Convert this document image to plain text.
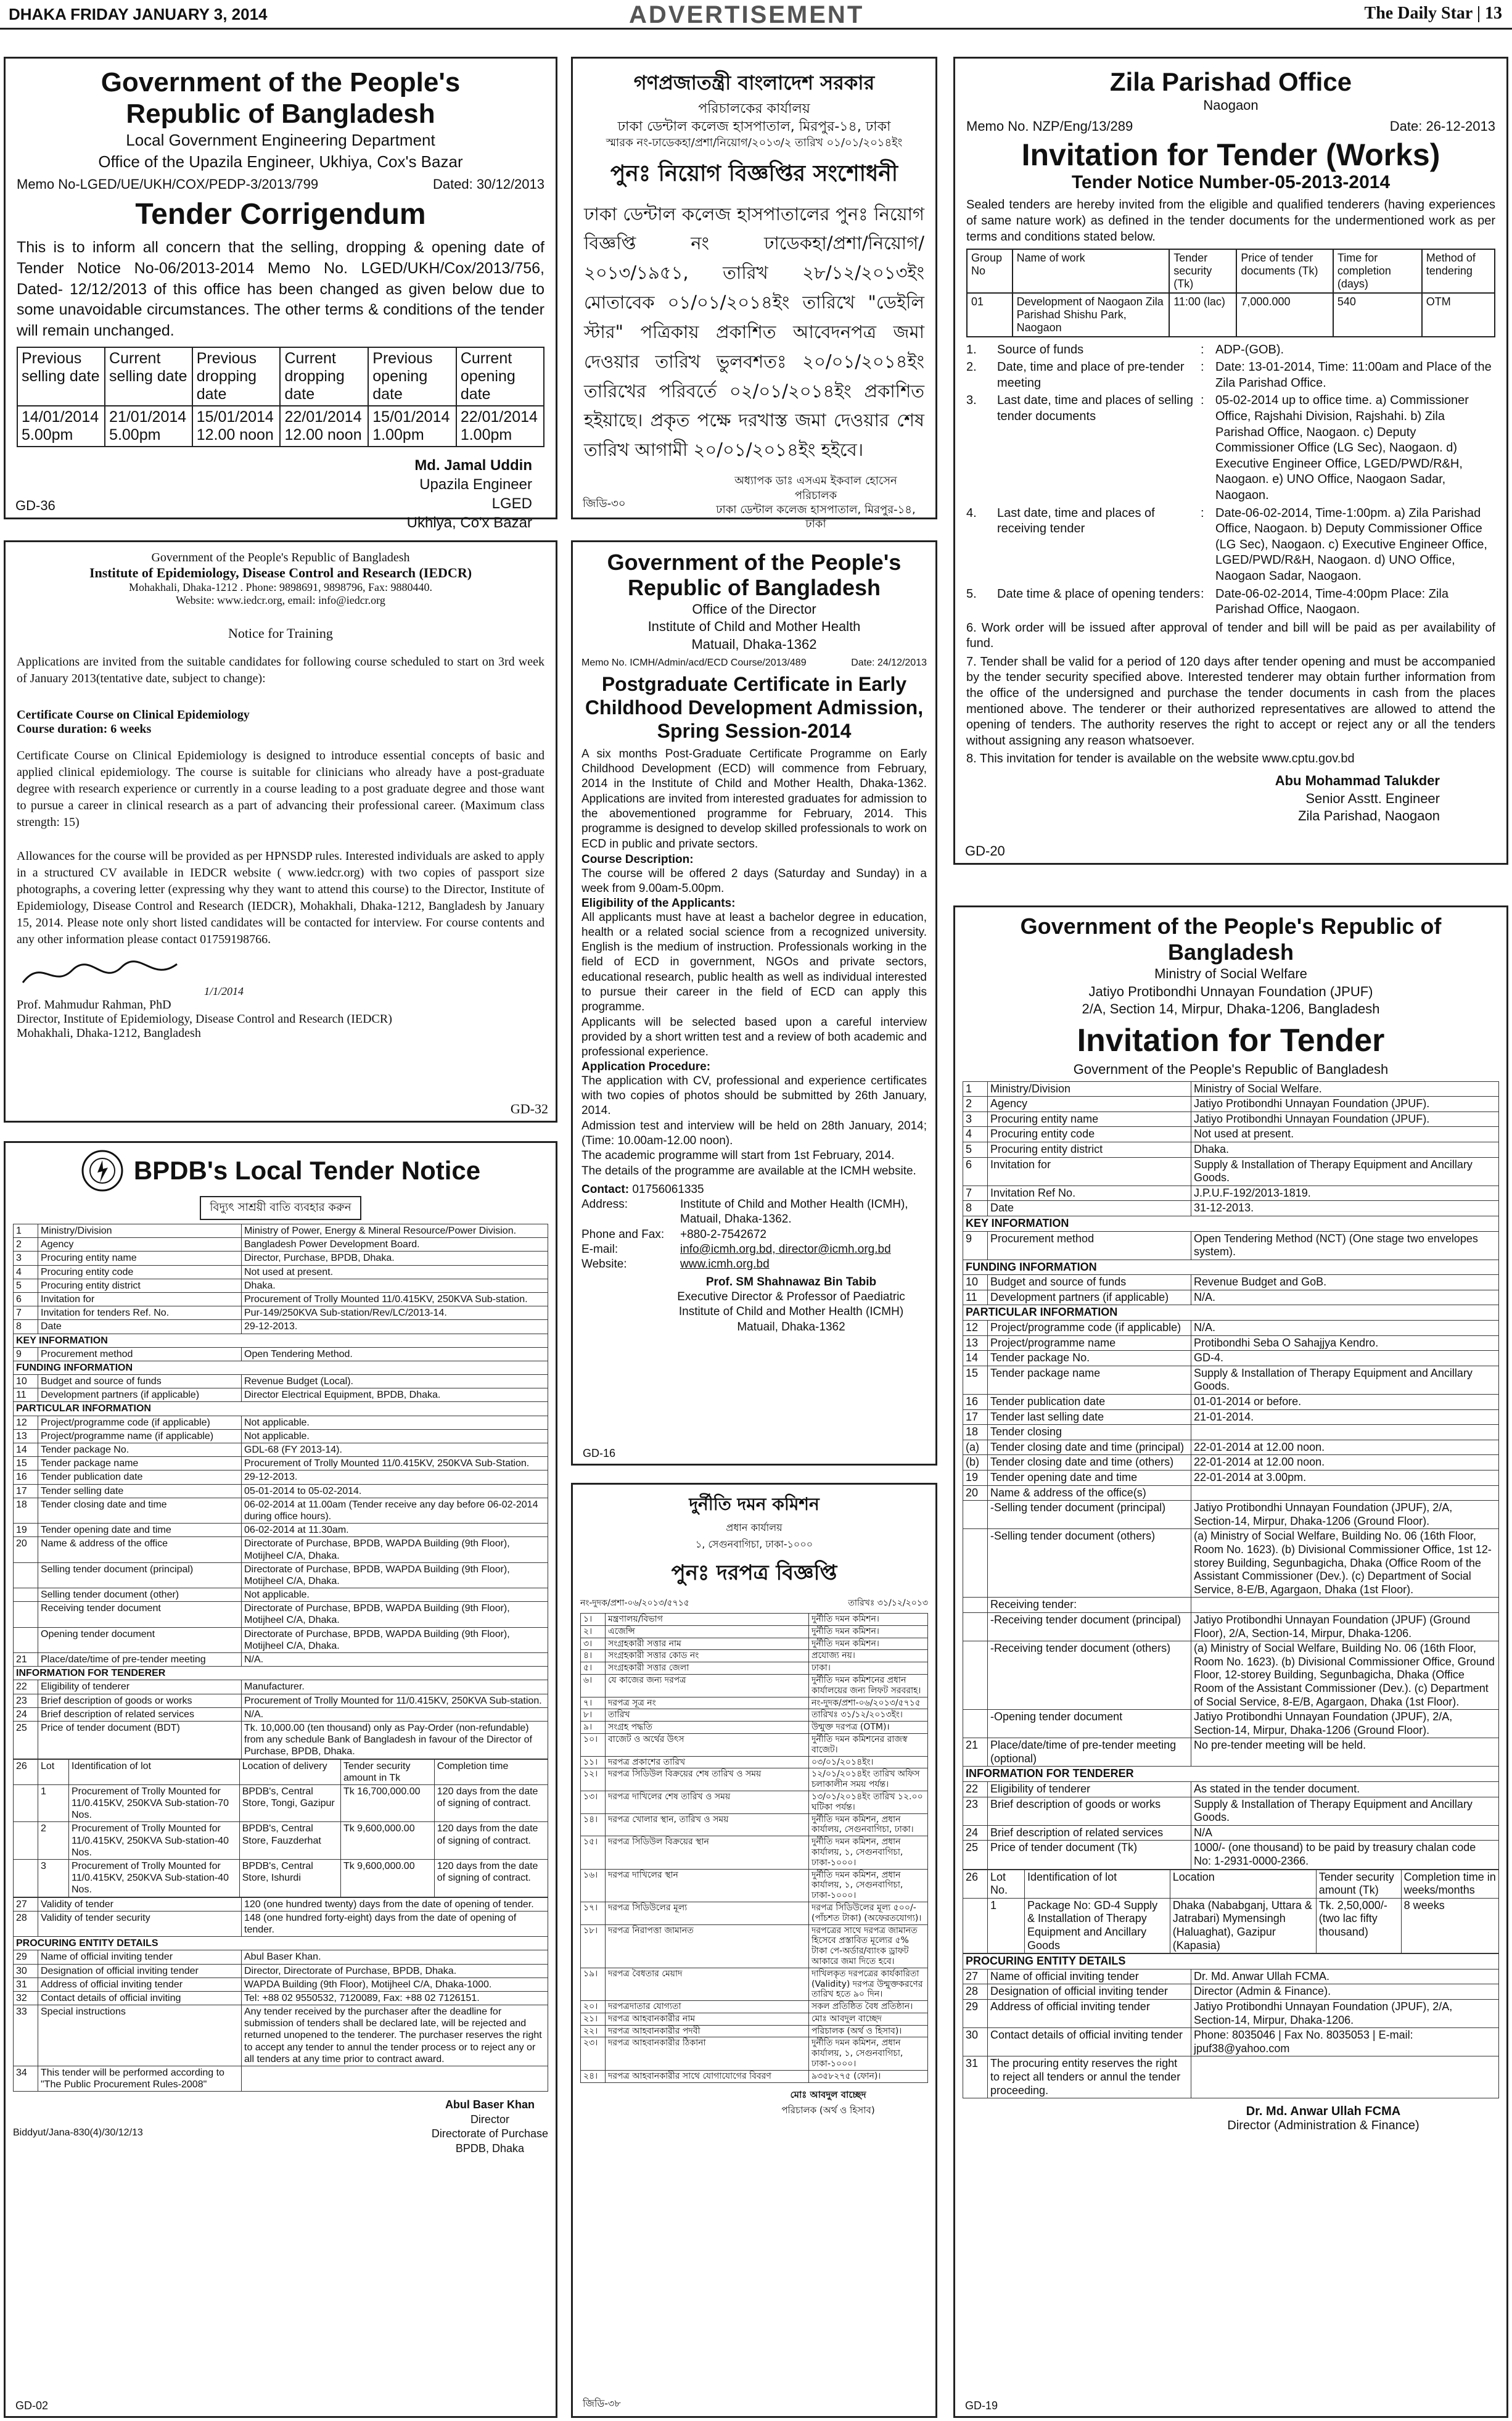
DHAKA FRIDAY JANUARY 3, 2014	ADVERTISEMENT	The Daily Star | 13
Government of the People's
Republic of Bangladesh
Local Government Engineering Department
Office of the Upazila Engineer, Ukhiya, Cox's Bazar
Memo No-LGED/UE/UKH/COX/PEDP-3/2013/799	Dated: 30/12/2013
Tender Corrigendum
This is to inform all concern that the selling, dropping & opening date of Tender Notice No-06/2013-2014 Memo No. LGED/UKH/Cox/2013/756, Dated- 12/12/2013 of this office has been changed as given below due to some unavoidable circumstances. The other terms & conditions of the tender will remain unchanged.
Previous selling date	Current selling date	Previous dropping date	Current dropping date	Previous opening date	Current opening date
14/01/2014 5.00pm	21/01/2014 5.00pm	15/01/2014 12.00 noon	22/01/2014 12.00 noon	15/01/2014 1.00pm	22/01/2014 1.00pm
Md. Jamal Uddin
Upazila Engineer
LGED
Ukhiya, Co'x Bazar
GD-36
গণপ্রজাতন্ত্রী বাংলাদেশ সরকার
পরিচালকের কার্যালয়
ঢাকা ডেন্টাল কলেজ হাসপাতাল, মিরপুর-১৪, ঢাকা
স্মারক নং-ঢাডেকহা/প্রশা/নিয়োগ/২০১৩/২ তারিখ ০১/০১/২০১৪ইং
পুনঃ নিয়োগ বিজ্ঞপ্তির সংশোধনী
ঢাকা ডেন্টাল কলেজ হাসপাতালের পুনঃ নিয়োগ বিজ্ঞপ্তি নং ঢাডেকহা/প্রশা/নিয়োগ/২০১৩/১৯৫১, তারিখ ২৮/১২/২০১৩ইং মোতাবেক ০১/০১/২০১৪ইং তারিখে "ডেইলি স্টার" পত্রিকায় প্রকাশিত আবেদনপত্র জমা দেওয়ার তারিখ ভুলবশতঃ ২০/০১/২০১৪ইং তারিখের পরিবর্তে ০২/০১/২০১৪ইং প্রকাশিত হইয়াছে। প্রকৃত পক্ষে দরখাস্ত জমা দেওয়ার শেষ তারিখ আগামী ২০/০১/২০১৪ইং হইবে।
অধ্যাপক ডাঃ এসএম ইকবাল হোসেন
পরিচালক
ঢাকা ডেন্টাল কলেজ হাসপাতাল, মিরপুর-১৪, ঢাকা
জিডি-৩০
Zila Parishad Office
Naogaon
Memo No. NZP/Eng/13/289	Date: 26-12-2013
Invitation for Tender (Works)
Tender Notice Number-05-2013-2014
Sealed tenders are hereby invited from the eligible and qualified tenderers (having experiences of same nature work) as defined in the tender documents for the undermentioned work as per terms and conditions stated below.
Group No	Name of work	Tender security (Tk)	Price of tender documents (Tk)	Time for completion (days)	Method of tendering
01	Development of Naogaon Zila Parishad Shishu Park, Naogaon	11:00 (lac)	7,000.000	540	OTM
1.	Source of funds	: ADP-(GOB).
2.	Date, time and place of pre-tender meeting
: Date: 13-01-2014, Time: 11:00am and Place of the Zila Parishad Office.
3.	Last date, time and places of selling tender documents
: 05-02-2014 up to office time. a) Commissioner Office, Rajshahi Division, Rajshahi. b) Zila Parishad Office, Naogaon. c) Deputy Commissioner Office (LG Sec), Naogaon. d) Executive Engineer Office, LGED/PWD/R&H, Naogaon. e) UNO Office, Naogaon Sadar, Naogaon.
4.	Last date, time and places of receiving tender
: Date-06-02-2014, Time-1:00pm. a) Zila Parishad Office, Naogaon. b) Deputy Commissioner Office (LG Sec), Naogaon. c) Executive Engineer Office, LGED/PWD/R&H, Naogaon. d) UNO Office, Naogaon Sadar, Naogaon.
5.	Date time & place of opening tenders : Date-06-02-2014, Time-4:00pm Place: Zila Parishad Office, Naogaon.
6. Work order will be issued after approval of tender and bill will be paid as per availability of fund.
7. Tender shall be valid for a period of 120 days after tender opening and must be accompanied by the tender security specified above. Interested tenderer may obtain further information from the office of the undersigned and purchase the tender documents in cash from the places mentioned above. The tenderer or their authorized representatives are allowed to attend the opening of tenders. The authority reserves the right to accept or reject any or all the tenders without assigning any reason whatsoever.
8. This invitation for tender is available on the website www.cptu.gov.bd
Abu Mohammad Talukder
Senior Asstt. Engineer
Zila Parishad, Naogaon
GD-20
Government of the People's Republic of Bangladesh
Institute of Epidemiology, Disease Control and Research (IEDCR)
Mohakhali, Dhaka-1212 . Phone: 9898691, 9898796, Fax: 9880440.
Website: www.iedcr.org, email: info@iedcr.org
Notice for Training
Applications are invited from the suitable candidates for following course scheduled to start on 3rd week of January 2013(tentative date, subject to change):
Certificate Course on Clinical Epidemiology
Course duration: 6 weeks
Certificate Course on Clinical Epidemiology is designed to introduce essential concepts of basic and applied clinical epidemiology. The course is suitable for clinicians who already have a post-graduate degree with research experience or currently in a course leading to a post graduate degree and those want to pursue a career in clinical research as a part of advancing their professional career. (Maximum class strength: 15)
Allowances for the course will be provided as per HPNSDP rules. Interested individuals are asked to apply in a structured CV available in IEDCR website ( www.iedcr.org) with two copies of passport size photographs, a covering letter (expressing why they want to attend this course) to the Director, Institute of Epidemiology, Disease Control and Research (IEDCR), Mohakhali, Dhaka-1212, Bangladesh by January 15, 2014. Please note only short listed candidates will be contacted for interview. For course contents and any other information please contact 01759198766.
1/1/2014
Prof. Mahmudur Rahman, PhD
Director, Institute of Epidemiology, Disease Control and Research (IEDCR)
Mohakhali, Dhaka-1212, Bangladesh
GD-32
Government of the People's
Republic of Bangladesh
Office of the Director
Institute of Child and Mother Health
Matuail, Dhaka-1362
Memo No. ICMH/Admin/acd/ECD Course/2013/489	Date: 24/12/2013
Postgraduate Certificate in Early Childhood Development Admission, Spring Session-2014
A six months Post-Graduate Certificate Programme on Early Childhood Development (ECD) will commence from February, 2014 in the Institute of Child and Mother Health, Dhaka-1362. Applications are invited from interested graduates for admission to the abovementioned programme for February, 2014. This programme is designed to develop skilled professionals to work on ECD in public and private sectors.
Course Description:
The course will be offered 2 days (Saturday and Sunday) in a week from 9.00am-5.00pm.
Eligibility of the Applicants:
All applicants must have at least a bachelor degree in education, health or a related social science from a recognized university. English is the medium of instruction. Professionals working in the field of ECD in government, NGOs and private sectors, educational research, public health as well as individual interested to pursue their career in the field of ECD can apply this programme.
Applicants will be selected based upon a careful interview provided by a short written test and a review of both academic and professional experience.
Application Procedure:
The application with CV, professional and experience certificates with two copies of photos should be submitted by 26th January, 2014.
Admission test and interview will be held on 28th January, 2014; (Time: 10.00am-12.00 noon).
The academic programme will start from 1st February, 2014.
The details of the programme are available at the ICMH website.
Contact: 01756061335
Address:	Institute of Child and Mother Health (ICMH), Matuail, Dhaka-1362.
Phone and Fax:	+880-2-7542672
E-mail:	info@icmh.org.bd, director@icmh.org.bd
Website:	www.icmh.org.bd
Prof. SM Shahnawaz Bin Tabib
Executive Director & Professor of Paediatric
Institute of Child and Mother Health (ICMH)
Matuail, Dhaka-1362
GD-16
BPDB's Local Tender Notice
বিদ্যুৎ সাশ্রয়ী বাতি ব্যবহার করুন
1	Ministry/Division	Ministry of Power, Energy & Mineral Resource/Power Division.
2	Agency	Bangladesh Power Development Board.
3	Procuring entity name	Director, Purchase, BPDB, Dhaka.
4	Procuring entity code	Not used at present.
5	Procuring entity district	Dhaka.
6	Invitation for	Procurement of Trolly Mounted 11/0.415KV, 250KVA Sub-station.
7	Invitation for tenders Ref. No.	Pur-149/250KVA Sub-station/Rev/LC/2013-14.
8	Date	29-12-2013.
KEY INFORMATION		
9	Procurement method	Open Tendering Method.
FUNDING INFORMATION		
10	Budget and source of funds	Revenue Budget (Local).
11	Development partners (if applicable)	Director Electrical Equipment, BPDB, Dhaka.
PARTICULAR INFORMATION		
12	Project/programme code (if applicable)	Not applicable.
13	Project/programme name (if applicable)	Not applicable.
14	Tender package No.	GDL-68 (FY 2013-14).
15	Tender package name	Procurement of Trolly Mounted 11/0.415KV, 250KVA Sub-Station.
16	Tender publication date	29-12-2013.
17	Tender selling date	05-01-2014 to 05-02-2014.
18	Tender closing date and time	06-02-2014 at 11.00am (Tender receive any day before 06-02-2014 during office hours).
19	Tender opening date and time	06-02-2014 at 11.30am.
20	Name & address of the office	Directorate of Purchase, BPDB, WAPDA Building (9th Floor), Motijheel C/A, Dhaka.
	Selling tender document (principal)	Directorate of Purchase, BPDB, WAPDA Building (9th Floor), Motijheel C/A, Dhaka.
	Selling tender document (other)	Not applicable.
	Receiving tender document	Directorate of Purchase, BPDB, WAPDA Building (9th Floor), Motijheel C/A, Dhaka.
	Opening tender document	Directorate of Purchase, BPDB, WAPDA Building (9th Floor), Motijheel C/A, Dhaka.
21	Place/date/time of pre-tender meeting	N/A.
INFORMATION FOR TENDERER		
22	Eligibility of tenderer	Manufacturer.
23	Brief description of goods or works	Procurement of Trolly Mounted for 11/0.415KV, 250KVA Sub-station.
24	Brief description of related services	N/A.
25	Price of tender document (BDT)	Tk. 10,000.00 (ten thousand) only as Pay-Order (non-refundable) from any schedule Bank of Bangladesh in favour of the Director of Purchase, BPDB, Dhaka.
26	Lot	Identification of lot	Location of delivery	Tender security amount in Tk	Completion time
	1	Procurement of Trolly Mounted for 11/0.415KV, 250KVA Sub-station-70 Nos.	BPDB's, Central Store, Tongi, Gazipur	Tk 16,700,000.00	120 days from the date of signing of contract.
	2	Procurement of Trolly Mounted for 11/0.415KV, 250KVA Sub-station-40 Nos.	BPDB's, Central Store, Fauzderhat	Tk 9,600,000.00	120 days from the date of signing of contract.
	3	Procurement of Trolly Mounted for 11/0.415KV, 250KVA Sub-station-40 Nos.	BPDB's, Central Store, Ishurdi	Tk 9,600,000.00	120 days from the date of signing of contract.
27	Validity of tender	120 (one hundred twenty) days from the date of opening of tender.
28	Validity of tender security	148 (one hundred forty-eight) days from the date of opening of tender.
PROCURING ENTITY DETAILS		
29	Name of official inviting tender	Abul Baser Khan.
30	Designation of official inviting tender	Director, Directorate of Purchase, BPDB, Dhaka.
31	Address of official inviting tender	WAPDA Building (9th Floor), Motijheel C/A, Dhaka-1000.
32	Contact details of official inviting	Tel: +88 02 9550532, 7120089, Fax: +88 02 7126151.
33	Special instructions	Any tender received by the purchaser after the deadline for submission of tenders shall be declared late, will be rejected and returned unopened to the tenderer. The purchaser reserves the right to accept any tender to annul the tender process or to reject any or all tenders at any time prior to contract award.
34	This tender will be performed according to "The Public Procurement Rules-2008"	
Biddyut/Jana-830(4)/30/12/13
Abul Baser Khan
Director
Directorate of Purchase
BPDB, Dhaka
GD-02
দুর্নীতি দমন কমিশন
প্রধান কার্যালয়
১, সেগুনবাগিচা, ঢাকা-১০০০
পুনঃ দরপত্র বিজ্ঞপ্তি
নং-দুদক/প্রশা-০৬/২০১৩/৫৭১৫	তারিখঃ ৩১/১২/২০১৩
১।	মন্ত্রণালয়/বিভাগ	দুর্নীতি দমন কমিশন।
২।	এজেন্সি	দুর্নীতি দমন কমিশন।
৩।	সংগ্রহকারী সত্তার নাম	দুর্নীতি দমন কমিশন।
৪।	সংগ্রহকারী সত্তার কোড নং	প্রযোজ্য নয়।
৫।	সংগ্রহকারী সত্তার জেলা	ঢাকা।
৬।	যে কাজের জন্য দরপত্র	দুর্নীতি দমন কমিশনের প্রধান কার্যালয়ের জন্য লিফট সরবরাহ।
৭।	দরপত্র সূত্র নং	নং-দুদক/প্রশা-০৬/২০১৩/৫৭১৫
৮।	তারিখ	তারিখঃ ৩১/১২/২০১৩ইং।
৯।	সংগ্রহ পদ্ধতি	উন্মুক্ত দরপত্র (OTM)।
১০।	বাজেট ও অর্থের উৎস	দুর্নীতি দমন কমিশনের রাজস্ব বাজেট।
১১।	দরপত্র প্রকাশের তারিখ	০৩/০১/২০১৪ইং।
১২।	দরপত্র সিডিউল বিক্রয়ের শেষ তারিখ ও সময়	১২/০১/২০১৪ইং তারিখ অফিস চলাকালীন সময় পর্যন্ত।
১৩।	দরপত্র দাখিলের শেষ তারিখ ও সময়	১৩/০১/২০১৪ইং তারিখ ১২.০০ ঘটিকা পর্যন্ত।
১৪।	দরপত্র খোলার স্থান, তারিখ ও সময়	দুর্নীতি দমন কমিশন, প্রধান কার্যালয়, সেগুনবাগিচা, ঢাকা।
১৫।	দরপত্র সিডিউল বিক্রয়ের স্থান	দুর্নীতি দমন কমিশন, প্রধান কার্যালয়, ১, সেগুনবাগিচা, ঢাকা-১০০০।
১৬।	দরপত্র দাখিলের স্থান	দুর্নীতি দমন কমিশন, প্রধান কার্যালয়, ১, সেগুনবাগিচা, ঢাকা-১০০০।
১৭।	দরপত্র সিডিউলের মূল্য	দরপত্র সিডিউলের মূল্য ৫০০/- (পাঁচশত টাকা) (অফেরতযোগ্য)।
১৮।	দরপত্র নিরাপত্তা জামানত	দরপত্রের সাথে দরপত্র জামানত হিসেবে প্রস্তাবিত মূল্যের ৫% টাকা পে-অর্ডার/ব্যাংক ড্রাফট আকারে জমা দিতে হবে।
১৯।	দরপত্র বৈধতার মেয়াদ	দাখিলকৃত দরপত্রের কার্যকারিতা (Validity) দরপত্র উন্মুক্তকরণের তারিখ হতে ৯০ দিন।
২০।	দরপত্রদাতার যোগ্যতা	সকল প্রতিষ্ঠিত বৈধ প্রতিষ্ঠান।
২১।	দরপত্র আহবানকারীর নাম	মোঃ আবদুল বাচ্ছেদ
২২।	দরপত্র আহবানকারীর পদবী	পরিচালক (অর্থ ও হিসাব)।
২৩।	দরপত্র আহবানকারীর ঠিকানা	দুর্নীতি দমন কমিশন, প্রধান কার্যালয়, ১, সেগুনবাগিচা, ঢাকা-১০০০।
২৪।	দরপত্র আহবানকারীর সাথে যোগাযোগের বিবরণ	৯৩৫৮২৭৫ (ফোন)।
মোঃ আবদুল বাচ্ছেদ
পরিচালক (অর্থ ও হিসাব)
জিডি-৩৮
Government of the People's Republic of Bangladesh
Ministry of Social Welfare
Jatiyo Protibondhi Unnayan Foundation (JPUF)
2/A, Section 14, Mirpur, Dhaka-1206, Bangladesh
Invitation for Tender
Government of the People's Republic of Bangladesh
1	Ministry/Division	Ministry of Social Welfare.
2	Agency	Jatiyo Protibondhi Unnayan Foundation (JPUF).
3	Procuring entity name	Jatiyo Protibondhi Unnayan Foundation (JPUF).
4	Procuring entity code	Not used at present.
5	Procuring entity district	Dhaka.
6	Invitation for	Supply & Installation of Therapy Equipment and Ancillary Goods.
7	Invitation Ref No.	J.P.U.F-192/2013-1819.
8	Date	31-12-2013.
KEY INFORMATION		
9	Procurement method	Open Tendering Method (NCT) (One stage two envelopes system).
FUNDING INFORMATION		
10	Budget and source of funds	Revenue Budget and GoB.
11	Development partners (if applicable)	N/A.
PARTICULAR INFORMATION		
12	Project/programme code (if applicable)	N/A.
13	Project/programme name	Protibondhi Seba O Sahajjya Kendro.
14	Tender package No.	GD-4.
15	Tender package name	Supply & Installation of Therapy Equipment and Ancillary Goods.
16	Tender publication date	01-01-2014 or before.
17	Tender last selling date	21-01-2014.
18	Tender closing	
(a)	Tender closing date and time (principal)	22-01-2014 at 12.00 noon.
(b)	Tender closing date and time (others)	22-01-2014 at 12.00 noon.
19	Tender opening date and time	22-01-2014 at 3.00pm.
20	Name & address of the office(s)	
	-Selling tender document (principal)	Jatiyo Protibondhi Unnayan Foundation (JPUF), 2/A, Section-14, Mirpur, Dhaka-1206 (Ground Floor).
	-Selling tender document (others)	(a) Ministry of Social Welfare, Building No. 06 (16th Floor, Room No. 1623). (b) Divisional Commissioner Office, 1st 12-storey Building, Segunbagicha, Dhaka (Office Room of the Assistant Commissioner (Dev.). (c) Department of Social Service, 8-E/B, Agargaon, Dhaka (1st Floor).
	Receiving tender:	
	-Receiving tender document (principal)	Jatiyo Protibondhi Unnayan Foundation (JPUF) (Ground Floor), 2/A, Section-14, Mirpur, Dhaka-1206.
	-Receiving tender document (others)	(a) Ministry of Social Welfare, Building No. 06 (16th Floor, Room No. 1623). (b) Divisional Commissioner Office, Ground Floor, 12-storey Building, Segunbagicha, Dhaka (Office Room of the Assistant Commissioner (Dev.). (c) Department of Social Service, 8-E/B, Agargaon, Dhaka (1st Floor).
	-Opening tender document	Jatiyo Protibondhi Unnayan Foundation (JPUF), 2/A, Section-14, Mirpur, Dhaka-1206 (Ground Floor).
21	Place/date/time of pre-tender meeting (optional)	No pre-tender meeting will be held.
INFORMATION FOR TENDERER		
22	Eligibility of tenderer	As stated in the tender document.
23	Brief description of goods or works	Supply & Installation of Therapy Equipment and Ancillary Goods.
24	Brief description of related services	N/A
25	Price of tender document (Tk)	1000/- (one thousand) to be paid by treasury chalan code No: 1-2931-0000-2366.
26	Lot No.	Identification of lot	Location	Tender security amount (Tk)	Completion time in weeks/months
	1	Package No: GD-4 Supply & Installation of Therapy Equipment and Ancillary Goods	Dhaka (Nababganj, Uttara & Jatrabari) Mymensingh (Haluaghat), Gazipur (Kapasia)	Tk. 2,50,000/- (two lac fifty thousand)	8 weeks
PROCURING ENTITY DETAILS		
27	Name of official inviting tender	Dr. Md. Anwar Ullah FCMA.
28	Designation of official inviting tender	Director (Admin & Finance).
29	Address of official inviting tender	Jatiyo Protibondhi Unnayan Foundation (JPUF), 2/A, Section-14, Mirpur, Dhaka-1206.
30	Contact details of official inviting tender	Phone: 8035046 | Fax No. 8035053 | E-mail: jpuf38@yahoo.com
31	The procuring entity reserves the right to reject all tenders or annul the tender proceeding.	
Dr. Md. Anwar Ullah FCMA
Director (Administration & Finance)
GD-19
